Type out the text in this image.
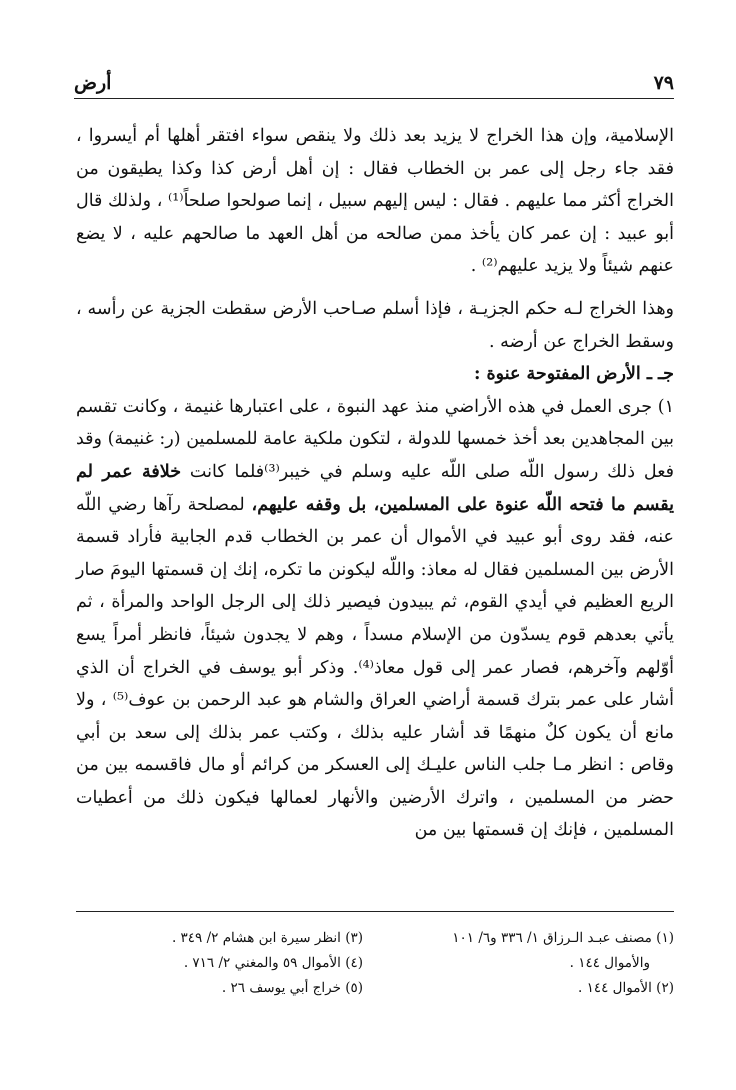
٧٩
أرض

الإسلامية، وإن هذا الخراج لا يزيد بعد ذلك ولا ينقص سواء افتقر أهلها أم أيسروا ، فقد جاء رجل إلى عمر بن الخطاب فقال : إن أهل أرض كذا وكذا يطيقون من الخراج أكثر مما عليهم . فقال : ليس إليهم سبيل ، إنما صولحوا صلحاً⁽¹⁾ ، ولذلك قال أبو عبيد : إن عمر كان يأخذ ممن صالحه من أهل العهد ما صالحهم عليه ، لا يضع عنهم شيئاً ولا يزيد عليهم⁽²⁾ .

وهذا الخراج لـه حكم الجزيـة ، فإذا أسلم صـاحب الأرض سقطت الجزية عن رأسه ، وسقط الخراج عن أرضه .

جـ ـ الأرض المفتوحة عنوة :

١) جرى العمل في هذه الأراضي منذ عهد النبوة ، على اعتبارها غنيمة ، وكانت تقسم بين المجاهدين بعد أخذ خمسها للدولة ، لتكون ملكية عامة للمسلمين (ر: غنيمة) وقد فعل ذلك رسول اللّه صلى اللّه عليه وسلم في خيبر⁽³⁾فلما كانت خلافة عمر لم يقسم ما فتحه اللّه عنوة على المسلمين، بل وقفه عليهم، لمصلحة رآها رضي اللّه عنه، فقد روى أبو عبيد في الأموال أن عمر بن الخطاب قدم الجابية فأراد قسمة الأرض بين المسلمين فقال له معاذ: واللّه ليكونن ما تكره، إنك إن قسمتها اليومَ صار الريع العظيم في أيدي القوم، ثم يبيدون فيصير ذلك إلى الرجل الواحد والمرأة ، ثم يأتي بعدهم قوم يسدّون من الإسلام مسداً ، وهم لا يجدون شيئاً، فانظر أمراً يسع أوّلهم وآخرهم، فصار عمر إلى قول معاذ⁽⁴⁾. وذكر أبو يوسف في الخراج أن الذي أشار على عمر بترك قسمة أراضي العراق والشام هو عبد الرحمن بن عوف⁽⁵⁾ ، ولا مانع أن يكون كلٌ منهمًا قد أشار عليه بذلك ، وكتب عمر بذلك إلى سعد بن أبي وقاص : انظر مـا جلب الناس عليـك إلى العسكر من كرائم أو مال فاقسمه بين من حضر من المسلمين ، واترك الأرضين والأنهار لعمالها فيكون ذلك من أعطيات المسلمين ، فإنك إن قسمتها بين من

(١) مصنف عبـد الـرزاق ١/ ٣٣٦ و٦/ ١٠١
والأموال ١٤٤ .
(٢) الأموال ١٤٤ .
(٣) انظر سيرة ابن هشام ٢/ ٣٤٩ .
(٤) الأموال ٥٩ والمغني ٢/ ٧١٦ .
(٥) خراج أبي يوسف ٢٦ .
